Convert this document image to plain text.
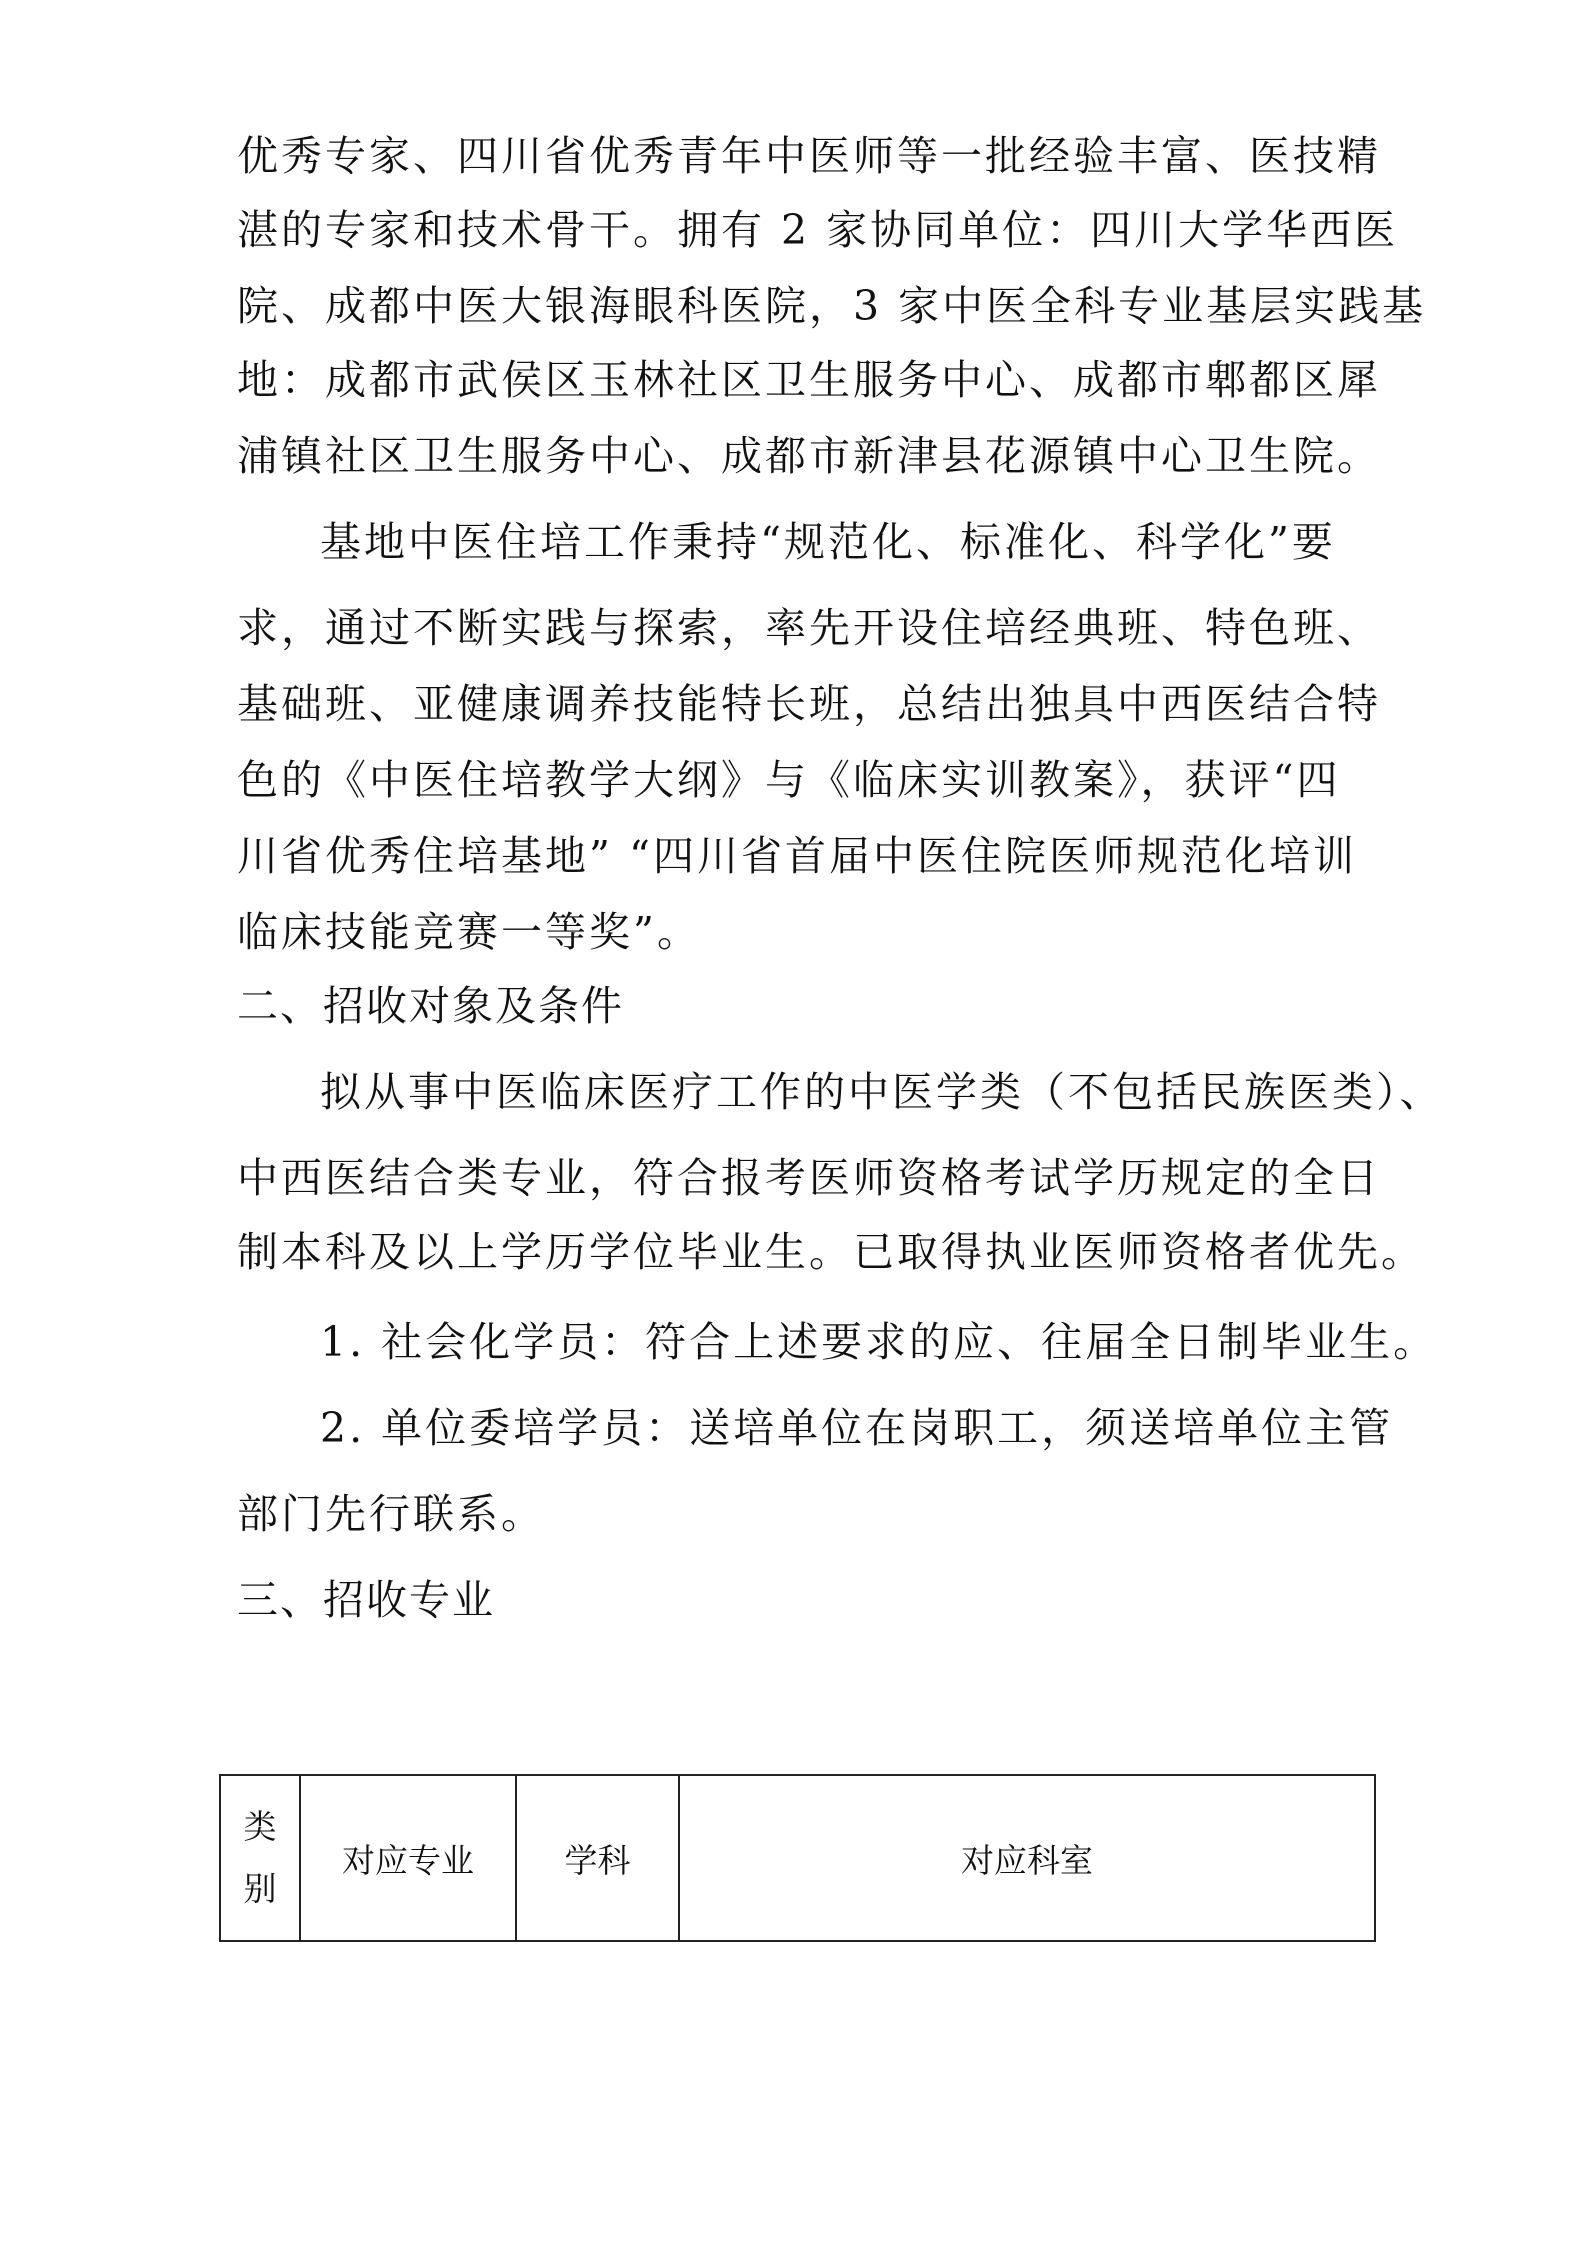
优秀专家、四川省优秀青年中医师等一批经验丰富、医技精
湛的专家和技术骨干。拥有 2 家协同单位：四川大学华西医
院、成都中医大银海眼科医院，3 家中医全科专业基层实践基
地：成都市武侯区玉林社区卫生服务中心、成都市郫都区犀
浦镇社区卫生服务中心、成都市新津县花源镇中心卫生院。
基地中医住培工作秉持“规范化、标准化、科学化”要
求，通过不断实践与探索，率先开设住培经典班、特色班、
基础班、亚健康调养技能特长班，总结出独具中西医结合特
色的《中医住培教学大纲》与《临床实训教案》，获评“四
川省优秀住培基地” “四川省首届中医住院医师规范化培训
临床技能竞赛一等奖”。
二、招收对象及条件
拟从事中医临床医疗工作的中医学类（不包括民族医类）、
中西医结合类专业，符合报考医师资格考试学历规定的全日
制本科及以上学历学位毕业生。已取得执业医师资格者优先。
1. 社会化学员：符合上述要求的应、往届全日制毕业生。
2. 单位委培学员：送培单位在岗职工，须送培单位主管
部门先行联系。
三、招收专业
类别	对应专业	学科	对应科室
